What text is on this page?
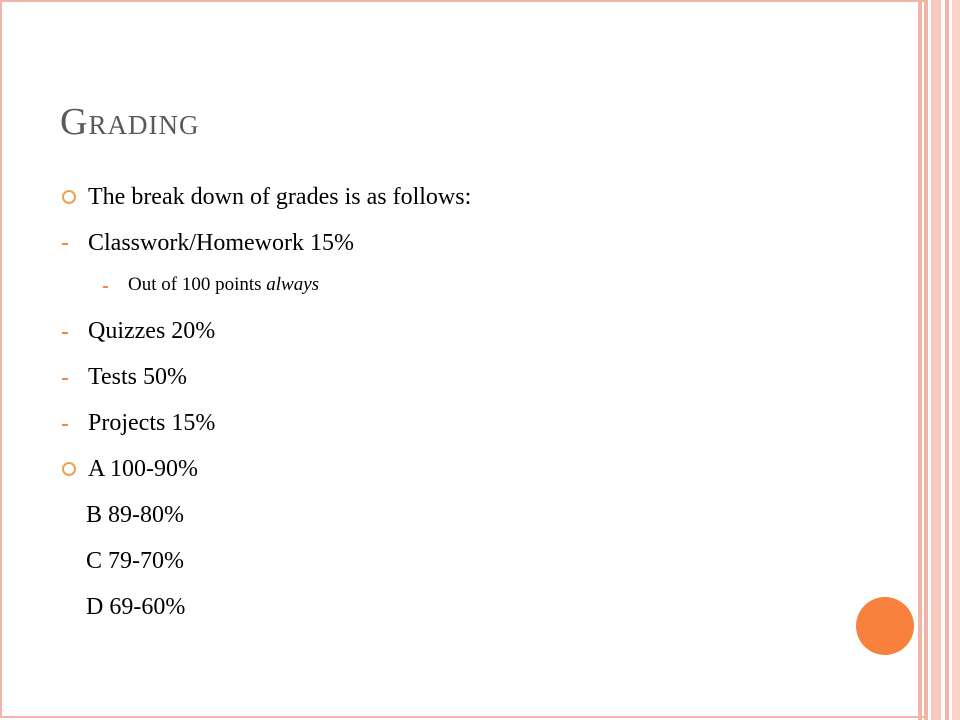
Grading
The break down of grades is as follows:
Classwork/Homework 15%
Out of 100 points always
Quizzes 20%
Tests 50%
Projects 15%
A 100-90%
B 89-80%
C 79-70%
D 69-60%
